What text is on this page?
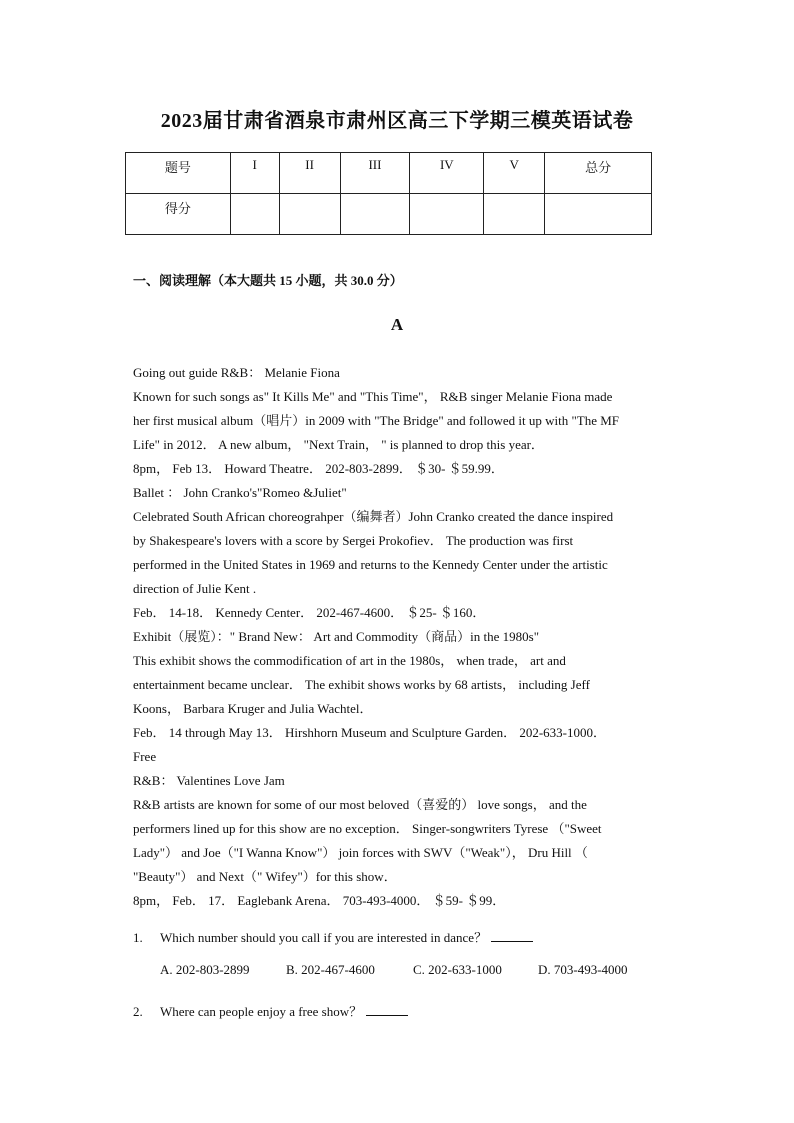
2023届甘肃省酒泉市肃州区高三下学期三模英语试卷
题号	I	II	III	IV	V	总分
得分						
一、阅读理解（本大题共 15 小题，共 30.0 分）
A
Going out guide R&B： Melanie Fiona
Known for such songs as" It Kills Me" and "This Time"， R&B singer Melanie Fiona made
her first musical album（唱片）in 2009 with "The Bridge" and followed it up with "The MF
Life" in 2012． A new album， "Next Train， " is planned to drop this year．
8pm， Feb 13． Howard Theatre． 202-803-2899． ＄30- ＄59.99．
Ballet ： John Cranko's"Romeo &Juliet"
Celebrated South African choreograhper（编舞者）John Cranko created the dance inspired
by Shakespeare's lovers with a score by Sergei Prokofiev． The production was first
performed in the United States in 1969 and returns to the Kennedy Center under the artistic
direction of Julie Kent .
Feb． 14-18． Kennedy Center． 202-467-4600． ＄25- ＄160．
Exhibit（展览）：" Brand New： Art and Commodity（商品）in the 1980s"
This exhibit shows the commodification of art in the 1980s， when trade， art and
entertainment became unclear． The exhibit shows works by 68 artists， including Jeff
Koons， Barbara Kruger and Julia Wachtel．
Feb． 14 through May 13． Hirshhorn Museum and Sculpture Garden． 202-633-1000．
Free
R&B： Valentines Love Jam
R&B artists are known for some of our most beloved（喜爱的） love songs， and the
performers lined up for this show are no exception． Singer-songwriters Tyrese （"Sweet
Lady"） and Joe（"I Wanna Know"） join forces with SWV（"Weak"）， Dru Hill （
"Beauty"） and Next（" Wifey"）for this show．
8pm， Feb． 17． Eaglebank Arena． 703-493-4000． ＄59- ＄99．
1. Which number should you call if you are interested in dance？
A. 202-803-2899	B. 202-467-4600	C. 202-633-1000	D. 703-493-4000
2. Where can people enjoy a free show？
